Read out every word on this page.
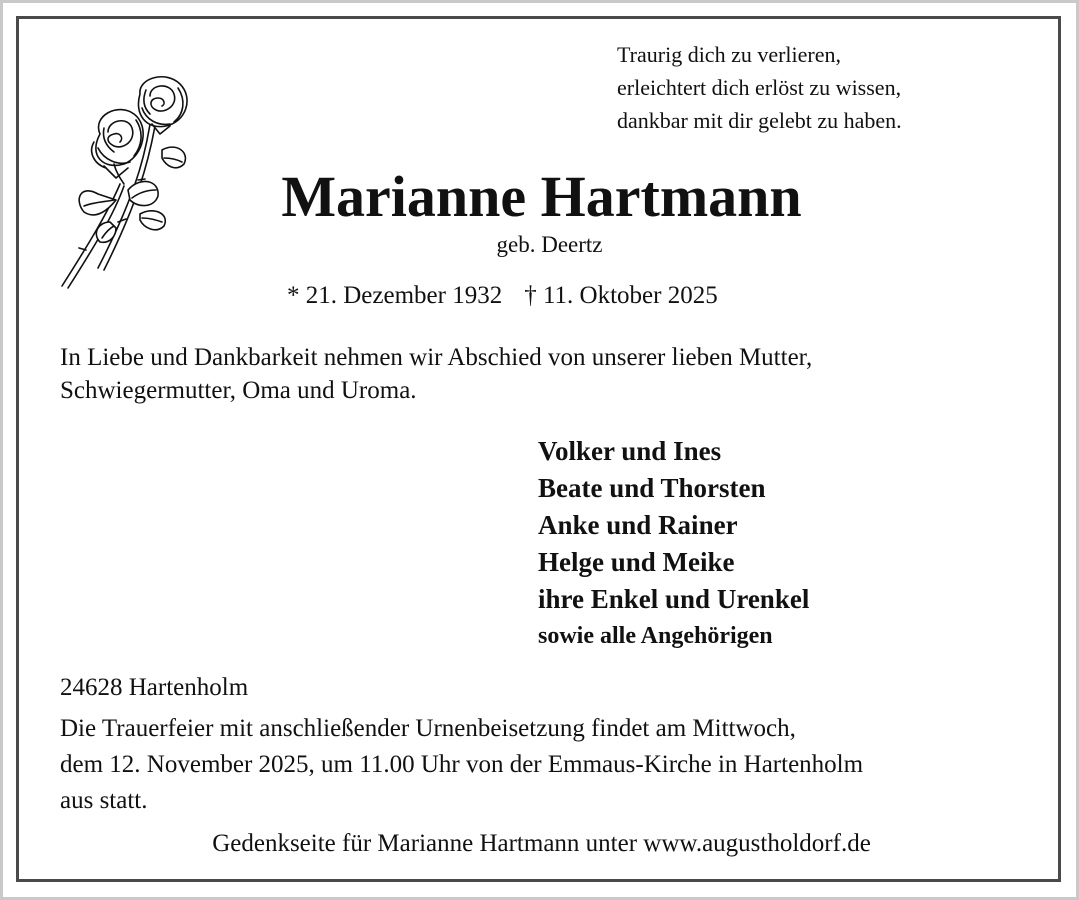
Traurig dich zu verlieren,
erleichtert dich erlöst zu wissen,
dankbar mit dir gelebt zu haben.
Marianne Hartmann
geb. Deertz
* 21. Dezember 1932 † 11. Oktober 2025
In Liebe und Dankbarkeit nehmen wir Abschied von unserer lieben Mutter,
Schwiegermutter, Oma und Uroma.
Volker und Ines
Beate und Thorsten
Anke und Rainer
Helge und Meike
ihre Enkel und Urenkel
sowie alle Angehörigen
24628 Hartenholm
Die Trauerfeier mit anschließender Urnenbeisetzung findet am Mittwoch,
dem 12. November 2025, um 11.00 Uhr von der Emmaus-Kirche in Hartenholm
aus statt.
Gedenkseite für Marianne Hartmann unter www.augustholdorf.de
